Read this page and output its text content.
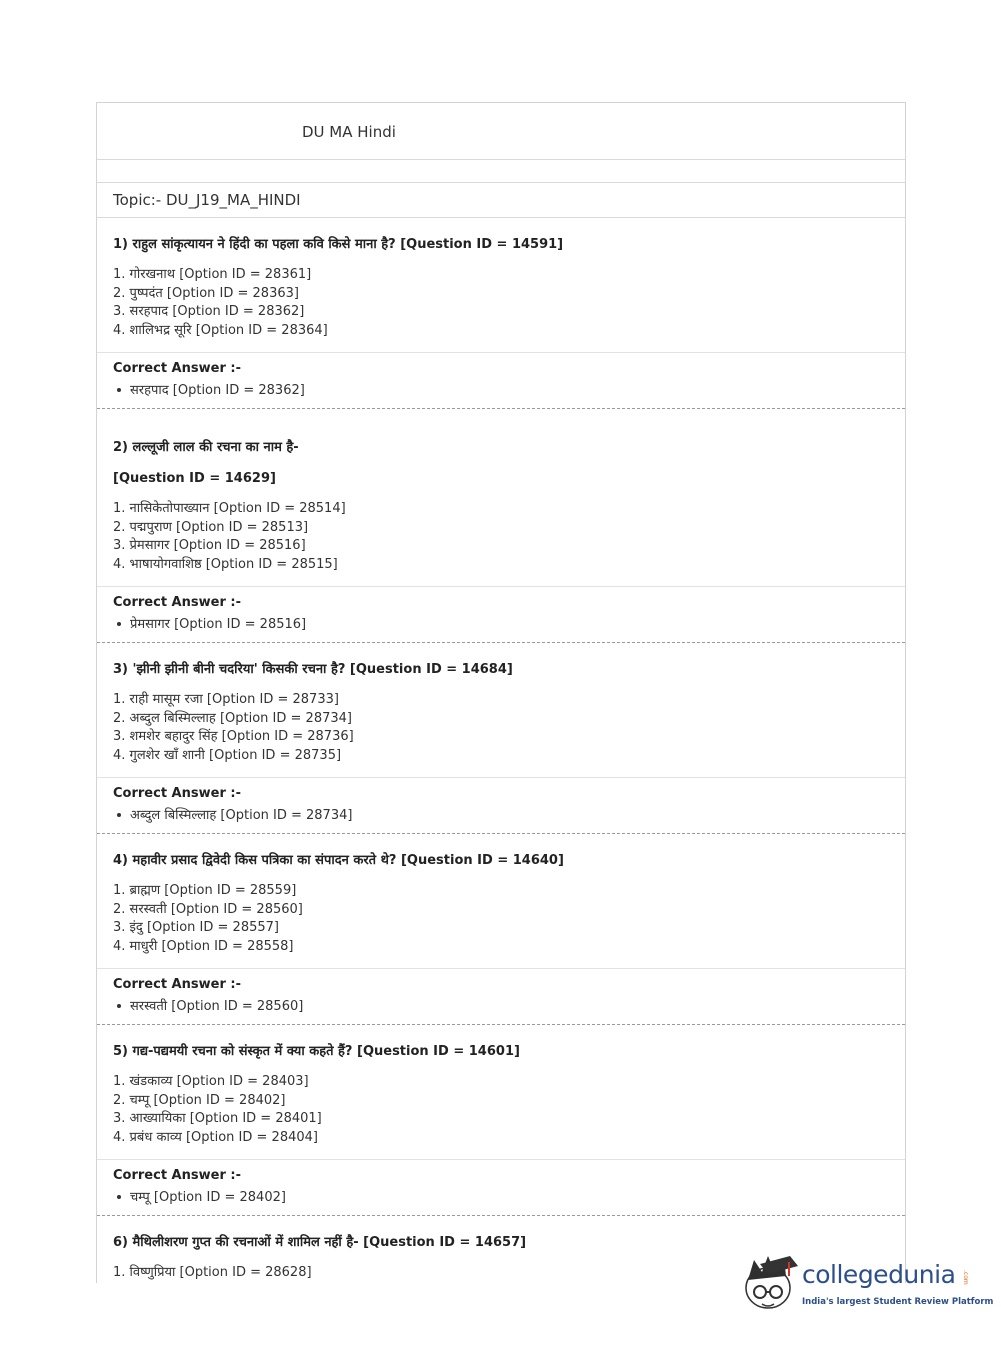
DU MA Hindi
Topic:- DU_J19_MA_HINDI
1) राहुल सांकृत्यायन ने हिंदी का पहला कवि किसे माना है? [Question ID = 14591]
1. गोरखनाथ [Option ID = 28361]
2. पुष्पदंत [Option ID = 28363]
3. सरहपाद [Option ID = 28362]
4. शालिभद्र सूरि [Option ID = 28364]
Correct Answer :-
सरहपाद [Option ID = 28362]
2) लल्लूजी लाल की रचना का नाम है-
[Question ID = 14629]
1. नासिकेतोपाख्यान [Option ID = 28514]
2. पद्मपुराण [Option ID = 28513]
3. प्रेमसागर [Option ID = 28516]
4. भाषायोगवाशिष्ठ [Option ID = 28515]
Correct Answer :-
प्रेमसागर [Option ID = 28516]
3) 'झीनी झीनी बीनी चदरिया' किसकी रचना है? [Question ID = 14684]
1. राही मासूम रजा [Option ID = 28733]
2. अब्दुल बिस्मिल्लाह [Option ID = 28734]
3. शमशेर बहादुर सिंह [Option ID = 28736]
4. गुलशेर खाँ शानी [Option ID = 28735]
Correct Answer :-
अब्दुल बिस्मिल्लाह [Option ID = 28734]
4) महावीर प्रसाद द्विवेदी किस पत्रिका का संपादन करते थे? [Question ID = 14640]
1. ब्राह्मण [Option ID = 28559]
2. सरस्वती [Option ID = 28560]
3. इंदु [Option ID = 28557]
4. माधुरी [Option ID = 28558]
Correct Answer :-
सरस्वती [Option ID = 28560]
5) गद्य-पद्यमयी रचना को संस्कृत में क्या कहते हैं? [Question ID = 14601]
1. खंडकाव्य [Option ID = 28403]
2. चम्पू [Option ID = 28402]
3. आख्यायिका [Option ID = 28401]
4. प्रबंध काव्य [Option ID = 28404]
Correct Answer :-
चम्पू [Option ID = 28402]
6) मैथिलीशरण गुप्त की रचनाओं में शामिल नहीं है- [Question ID = 14657]
1. विष्णुप्रिया [Option ID = 28628]	collegedunia .com
India's largest Student Review Platform
